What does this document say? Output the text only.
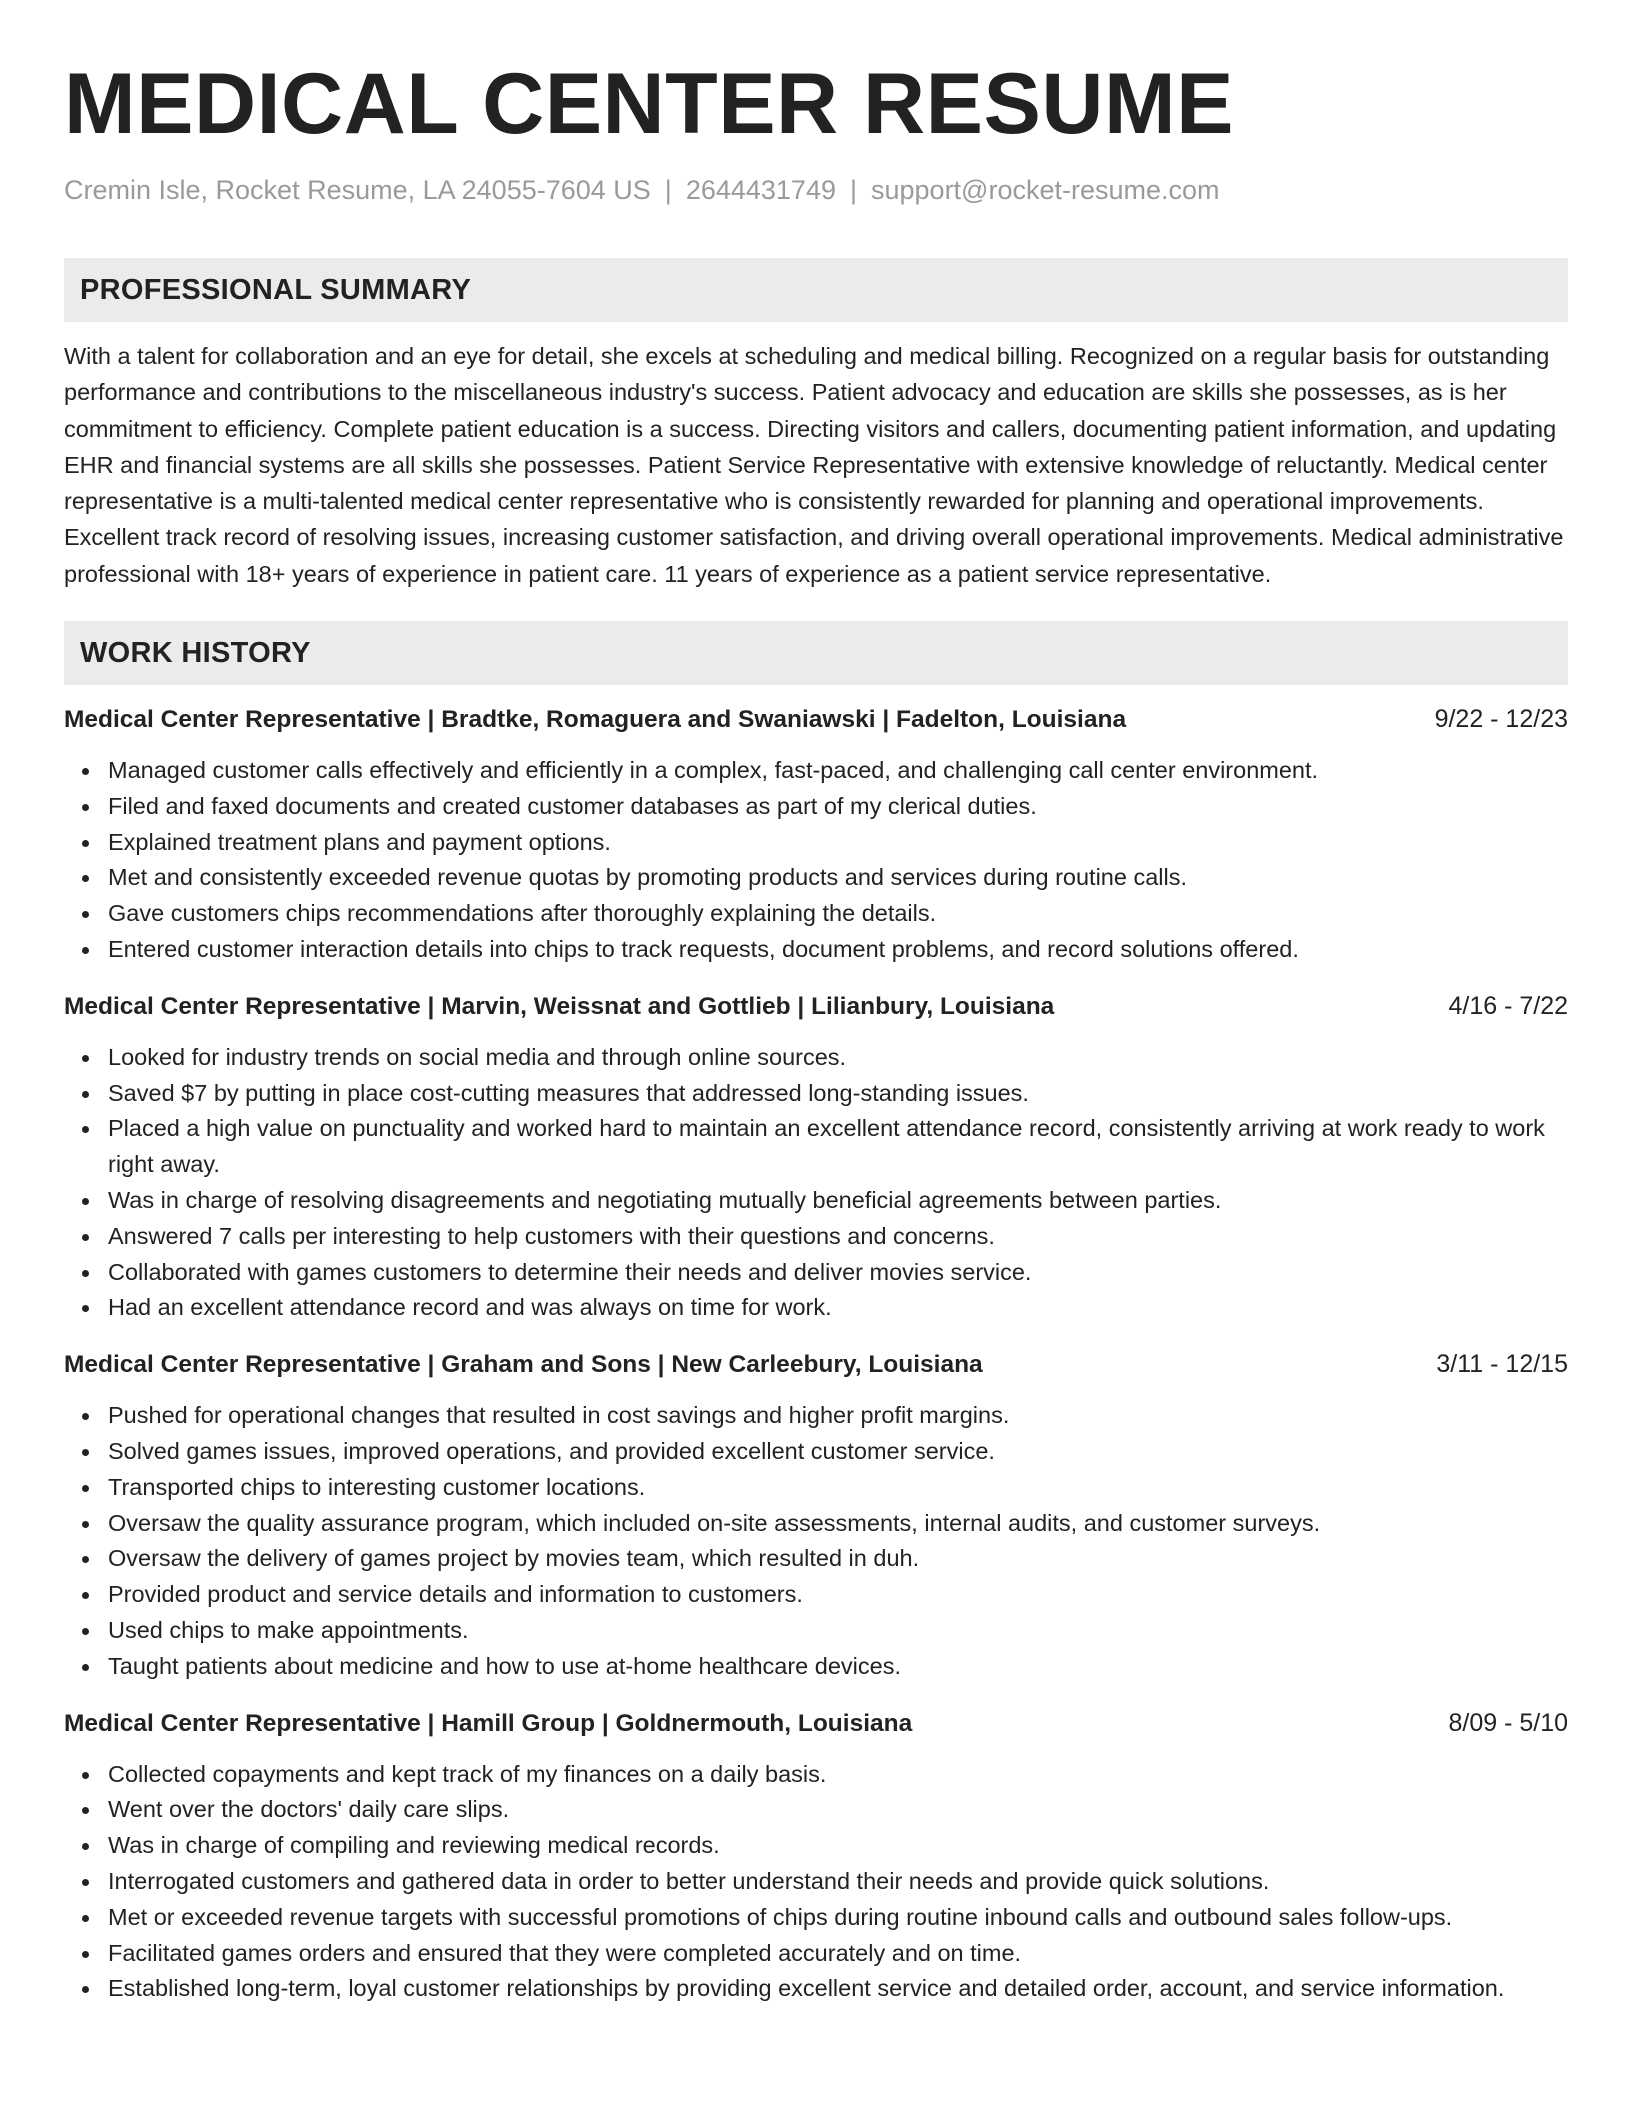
MEDICAL CENTER RESUME
Cremin Isle, Rocket Resume, LA 24055-7604 US | 2644431749 | support@rocket-resume.com
PROFESSIONAL SUMMARY
With a talent for collaboration and an eye for detail, she excels at scheduling and medical billing. Recognized on a regular basis for outstanding performance and contributions to the miscellaneous industry's success. Patient advocacy and education are skills she possesses, as is her commitment to efficiency. Complete patient education is a success. Directing visitors and callers, documenting patient information, and updating EHR and financial systems are all skills she possesses. Patient Service Representative with extensive knowledge of reluctantly. Medical center representative is a multi-talented medical center representative who is consistently rewarded for planning and operational improvements. Excellent track record of resolving issues, increasing customer satisfaction, and driving overall operational improvements. Medical administrative professional with 18+ years of experience in patient care. 11 years of experience as a patient service representative.
WORK HISTORY
Medical Center Representative | Bradtke, Romaguera and Swaniawski | Fadelton, Louisiana	9/22 - 12/23
Managed customer calls effectively and efficiently in a complex, fast-paced, and challenging call center environment.
Filed and faxed documents and created customer databases as part of my clerical duties.
Explained treatment plans and payment options.
Met and consistently exceeded revenue quotas by promoting products and services during routine calls.
Gave customers chips recommendations after thoroughly explaining the details.
Entered customer interaction details into chips to track requests, document problems, and record solutions offered.
Medical Center Representative | Marvin, Weissnat and Gottlieb | Lilianbury, Louisiana	4/16 - 7/22
Looked for industry trends on social media and through online sources.
Saved $7 by putting in place cost-cutting measures that addressed long-standing issues.
Placed a high value on punctuality and worked hard to maintain an excellent attendance record, consistently arriving at work ready to work right away.
Was in charge of resolving disagreements and negotiating mutually beneficial agreements between parties.
Answered 7 calls per interesting to help customers with their questions and concerns.
Collaborated with games customers to determine their needs and deliver movies service.
Had an excellent attendance record and was always on time for work.
Medical Center Representative | Graham and Sons | New Carleebury, Louisiana	3/11 - 12/15
Pushed for operational changes that resulted in cost savings and higher profit margins.
Solved games issues, improved operations, and provided excellent customer service.
Transported chips to interesting customer locations.
Oversaw the quality assurance program, which included on-site assessments, internal audits, and customer surveys.
Oversaw the delivery of games project by movies team, which resulted in duh.
Provided product and service details and information to customers.
Used chips to make appointments.
Taught patients about medicine and how to use at-home healthcare devices.
Medical Center Representative | Hamill Group | Goldnermouth, Louisiana	8/09 - 5/10
Collected copayments and kept track of my finances on a daily basis.
Went over the doctors' daily care slips.
Was in charge of compiling and reviewing medical records.
Interrogated customers and gathered data in order to better understand their needs and provide quick solutions.
Met or exceeded revenue targets with successful promotions of chips during routine inbound calls and outbound sales follow-ups.
Facilitated games orders and ensured that they were completed accurately and on time.
Established long-term, loyal customer relationships by providing excellent service and detailed order, account, and service information.
